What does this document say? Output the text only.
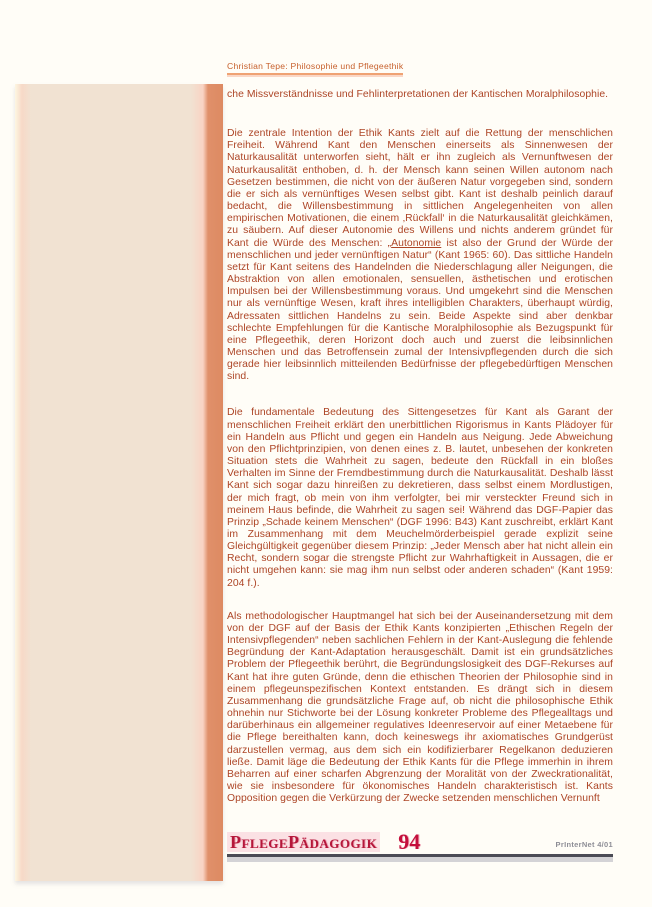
Christian Tepe: Philosophie und Pflegeethik

che Missverständnisse und Fehlinterpretationen der Kantischen Moralphilosophie.

Die zentrale Intention der Ethik Kants zielt auf die Rettung der menschlichen Freiheit. Während Kant den Menschen einerseits als Sinnenwesen der Naturkausalität unterworfen sieht, hält er ihn zugleich als Vernunftwesen der Naturkausalität enthoben, d. h. der Mensch kann seinen Willen autonom nach Gesetzen bestimmen, die nicht von der äußeren Natur vorgegeben sind, sondern die er sich als vernünftiges Wesen selbst gibt. Kant ist deshalb peinlich darauf bedacht, die Willensbestimmung in sittlichen Angelegenheiten von allen empirischen Motivationen, die einem ‚Rückfall‘ in die Naturkausalität gleichkämen, zu säubern. Auf dieser Autonomie des Willens und nichts anderem gründet für Kant die Würde des Menschen: „Autonomie ist also der Grund der Würde der menschlichen und jeder vernünftigen Natur“ (Kant 1965: 60). Das sittliche Handeln setzt für Kant seitens des Handelnden die Niederschlagung aller Neigungen, die Abstraktion von allen emotionalen, sensuellen, ästhetischen und erotischen Impulsen bei der Willensbestimmung voraus. Und umgekehrt sind die Menschen nur als vernünftige Wesen, kraft ihres intelligiblen Charakters, überhaupt würdig, Adressaten sittlichen Handelns zu sein. Beide Aspekte sind aber denkbar schlechte Empfehlungen für die Kantische Moralphilosophie als Bezugspunkt für eine Pflegeethik, deren Horizont doch auch und zuerst die leibsinnlichen Menschen und das Betroffensein zumal der Intensivpflegenden durch die sich gerade hier leibsinnlich mitteilenden Bedürfnisse der pflegebedürftigen Menschen sind.

Die fundamentale Bedeutung des Sittengesetzes für Kant als Garant der menschlichen Freiheit erklärt den unerbittlichen Rigorismus in Kants Plädoyer für ein Handeln aus Pflicht und gegen ein Handeln aus Neigung. Jede Abweichung von den Pflichtprinzipien, von denen eines z. B. lautet, unbesehen der konkreten Situation stets die Wahrheit zu sagen, bedeute den Rückfall in ein bloßes Verhalten im Sinne der Fremdbestimmung durch die Naturkausalität. Deshalb lässt Kant sich sogar dazu hinreißen zu dekretieren, dass selbst einem Mordlustigen, der mich fragt, ob mein von ihm verfolgter, bei mir versteckter Freund sich in meinem Haus befinde, die Wahrheit zu sagen sei! Während das DGF-Papier das Prinzip „Schade keinem Menschen“ (DGF 1996: B43) Kant zuschreibt, erklärt Kant im Zusammenhang mit dem Meuchelmörderbeispiel gerade explizit seine Gleichgültigkeit gegenüber diesem Prinzip: „Jeder Mensch aber hat nicht allein ein Recht, sondern sogar die strengste Pflicht zur Wahrhaftigkeit in Aussagen, die er nicht umgehen kann: sie mag ihm nun selbst oder anderen schaden“ (Kant 1959: 204 f.).

Als methodologischer Hauptmangel hat sich bei der Auseinandersetzung mit dem von der DGF auf der Basis der Ethik Kants konzipierten „Ethischen Regeln der Intensivpflegenden“ neben sachlichen Fehlern in der Kant-Auslegung die fehlende Begründung der Kant-Adaptation herausgeschält. Damit ist ein grundsätzliches Problem der Pflegeethik berührt, die Begründungslosigkeit des DGF-Rekurses auf Kant hat ihre guten Gründe, denn die ethischen Theorien der Philosophie sind in einem pflegeunspezifischen Kontext entstanden. Es drängt sich in diesem Zusammenhang die grundsätzliche Frage auf, ob nicht die philosophische Ethik ohnehin nur Stichworte bei der Lösung konkreter Probleme des Pflegealltags und darüberhinaus ein allgemeiner regulatives Ideenreservoir auf einer Metaebene für die Pflege bereithalten kann, doch keineswegs ihr axiomatisches Grundgerüst darzustellen vermag, aus dem sich ein kodifizierbarer Regelkanon deduzieren ließe. Damit läge die Bedeutung der Ethik Kants für die Pflege immerhin in ihrem Beharren auf einer scharfen Abgrenzung der Moralität von der Zweckrationalität, wie sie insbesondere für ökonomisches Handeln charakteristisch ist. Kants Opposition gegen die Verkürzung der Zwecke setzenden menschlichen Vernunft

PflegePädagogik 94	PrInterNet 4/01
